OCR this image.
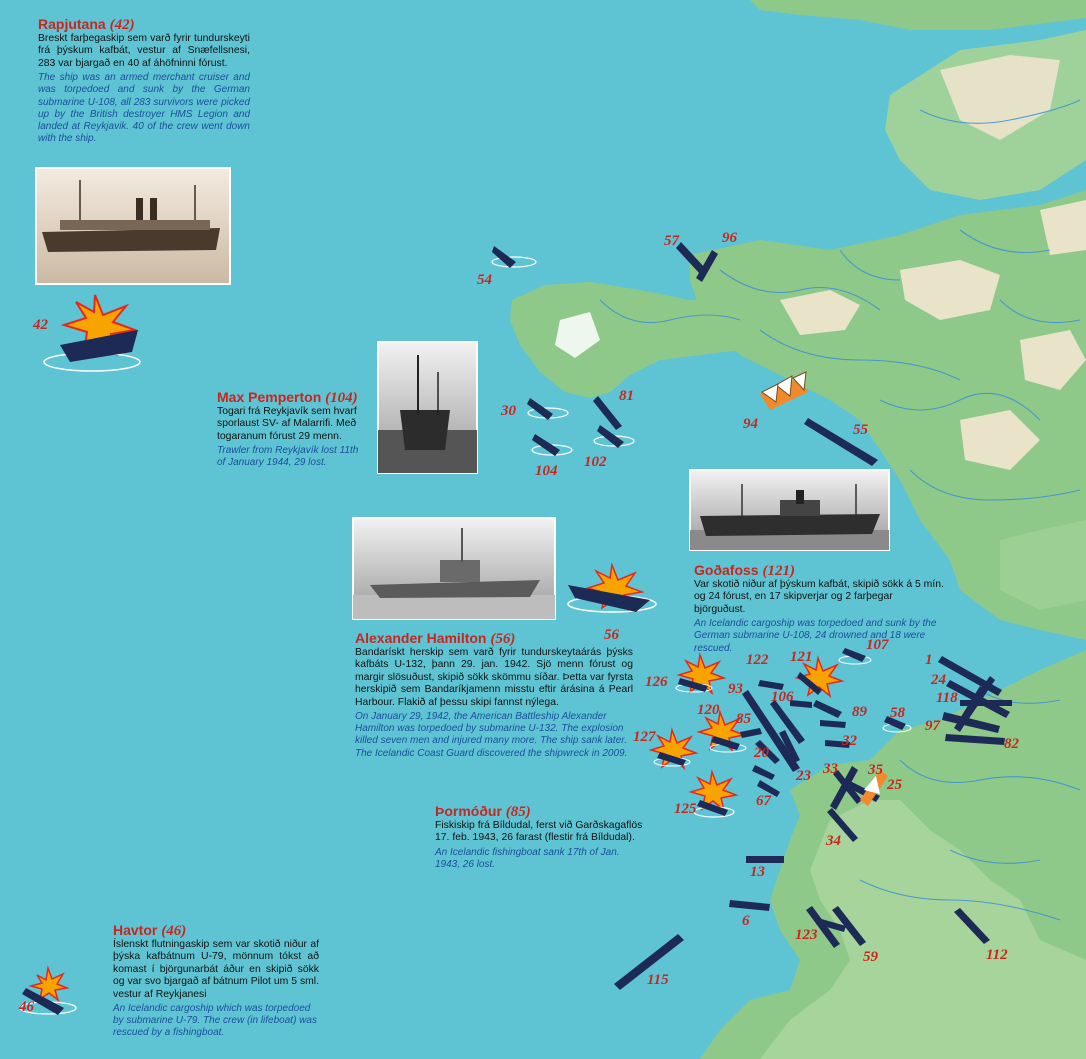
42
54
57	96
30
81
104
102
94	55
56
46
1
24
118
97
82
58
107
122 121
126	93 106
89
120
85
127	32
20
23 33 35
25
67
125
34
13
6
123
59	112
115
Rapjutana (42)
Breskt farþegaskip sem varð fyrir tundurskeyti frá þýskum kafbát, vestur af Snæfellsnesi, 283 var bjargað en 40 af áhöfninni fórust.
The ship was an armed merchant cruiser and was torpedoed and sunk by the German submarine U-108, all 283 survivors were picked up by the British destroyer HMS Legion and landed at Reykjavik. 40 of the crew went down with the ship.
Max Pemperton (104)
Togari frá Reykjavík sem hvarf sporlaust SV- af Malarrifi. Með togaranum fórust 29 menn.
Trawler from Reykjavík lost 11th of January 1944, 29 lost.
Alexander Hamilton (56)
Bandarískt herskip sem varð fyrir tundurskeytaárás þýsks kafbáts U-132, þann 29. jan. 1942. Sjö menn fórust og margir slösuðust, skipið sökk skömmu síðar. Þetta var fyrsta herskipið sem Bandaríkjamenn misstu eftir árásina á Pearl Harbour. Flakið af þessu skipi fannst nýlega.
On January 29, 1942, the American Battleship Alexander Hamilton was torpedoed by submarine U-132. The explosion killed seven men and injured many more. The ship sank later. The Icelandic Coast Guard discovered the shipwreck in 2009.
Goðafoss (121)
Var skotið niður af þýskum kafbát, skipið sökk á 5 mín. og 24 fórust, en 17 skipverjar og 2 farþegar björguðust.
An Icelandic cargoship was torpedoed and sunk by the German submarine U-108, 24 drowned and 18 were rescued.
Þormóður (85)
Fiskiskip frá Bíldudal, ferst við Garðskagaflös 17. feb. 1943, 26 farast (flestir frá Bíldudal).
An Icelandic fishingboat sank 17th of Jan. 1943, 26 lost.
Havtor (46)
Íslenskt flutningaskip sem var skotið niður af þýska kafbátnum U-79, mönnum tókst að komast í björgunarbát áður en skipið sökk og var svo bjargað af bátnum Pilot um 5 sml. vestur af Reykjanesi
An Icelandic cargoship which was torpedoed by submarine U-79. The crew (in lifeboat) was rescued by a fishingboat.
